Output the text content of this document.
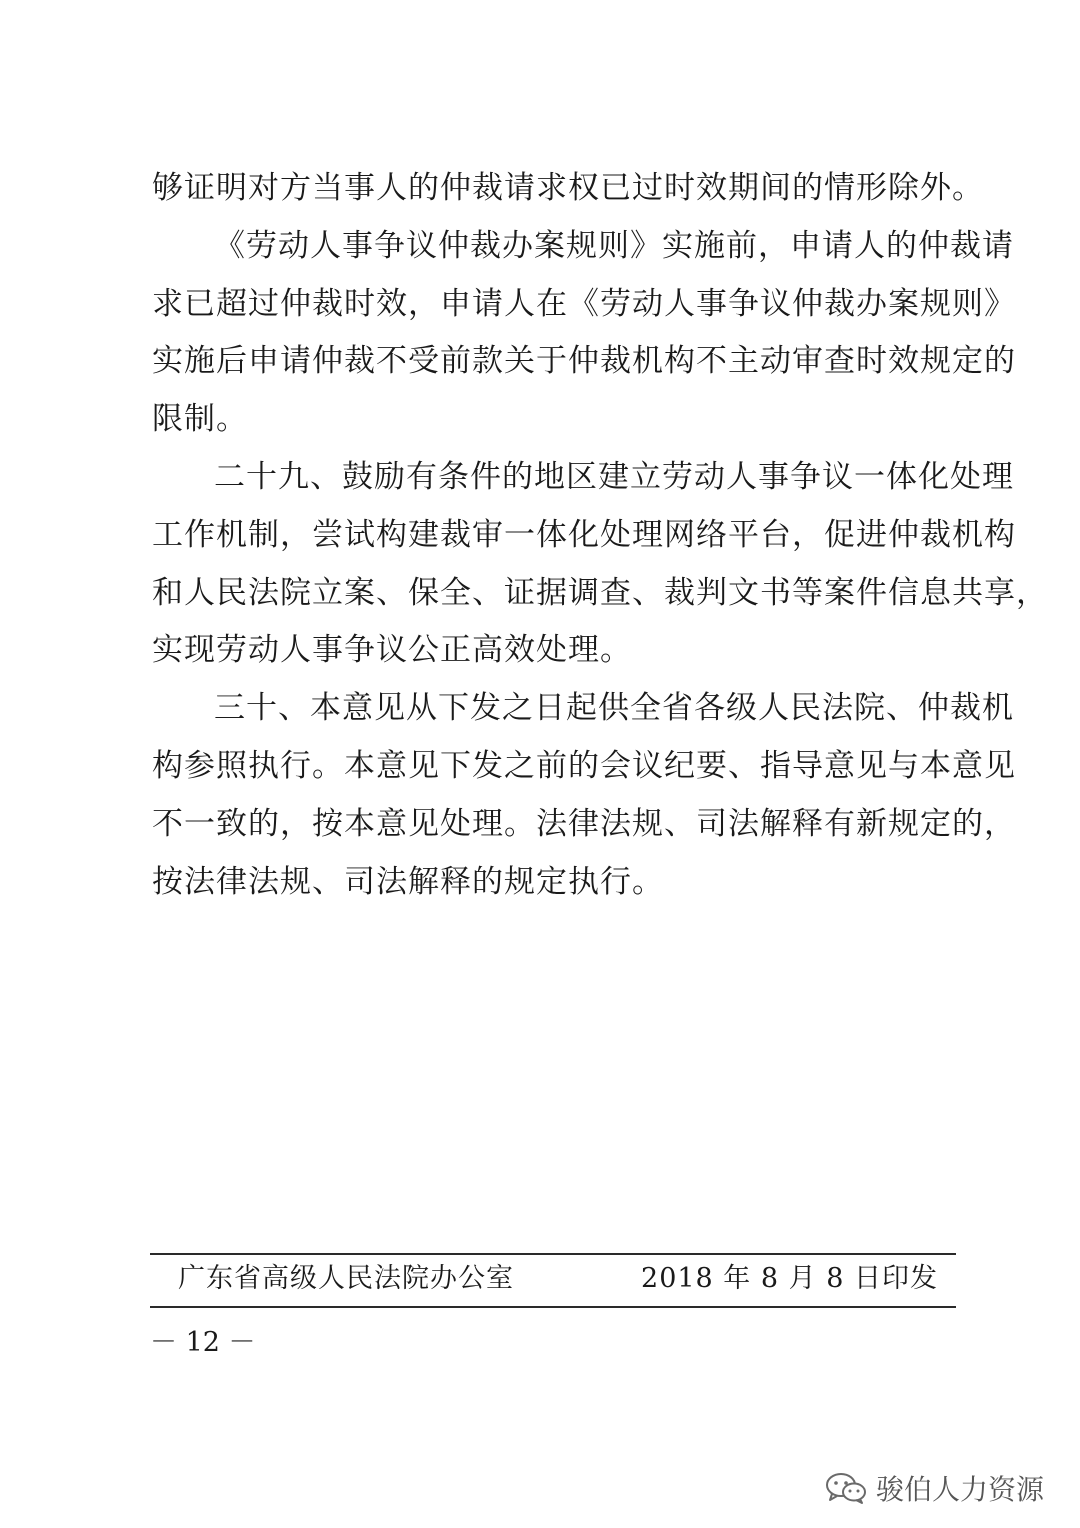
够证明对方当事人的仲裁请求权已过时效期间的情形除外。
《劳动人事争议仲裁办案规则》实施前，申请人的仲裁请
求已超过仲裁时效，申请人在《劳动人事争议仲裁办案规则》
实施后申请仲裁不受前款关于仲裁机构不主动审查时效规定的
限制。
二十九、鼓励有条件的地区建立劳动人事争议一体化处理
工作机制，尝试构建裁审一体化处理网络平台，促进仲裁机构
和人民法院立案、保全、证据调查、裁判文书等案件信息共享，
实现劳动人事争议公正高效处理。
三十、本意见从下发之日起供全省各级人民法院、仲裁机
构参照执行。本意见下发之前的会议纪要、指导意见与本意见
不一致的，按本意见处理。法律法规、司法解释有新规定的，
按法律法规、司法解释的规定执行。
广东省高级人民法院办公室	2018 年 8 月 8 日印发
－ 12 －
骏伯人力资源
